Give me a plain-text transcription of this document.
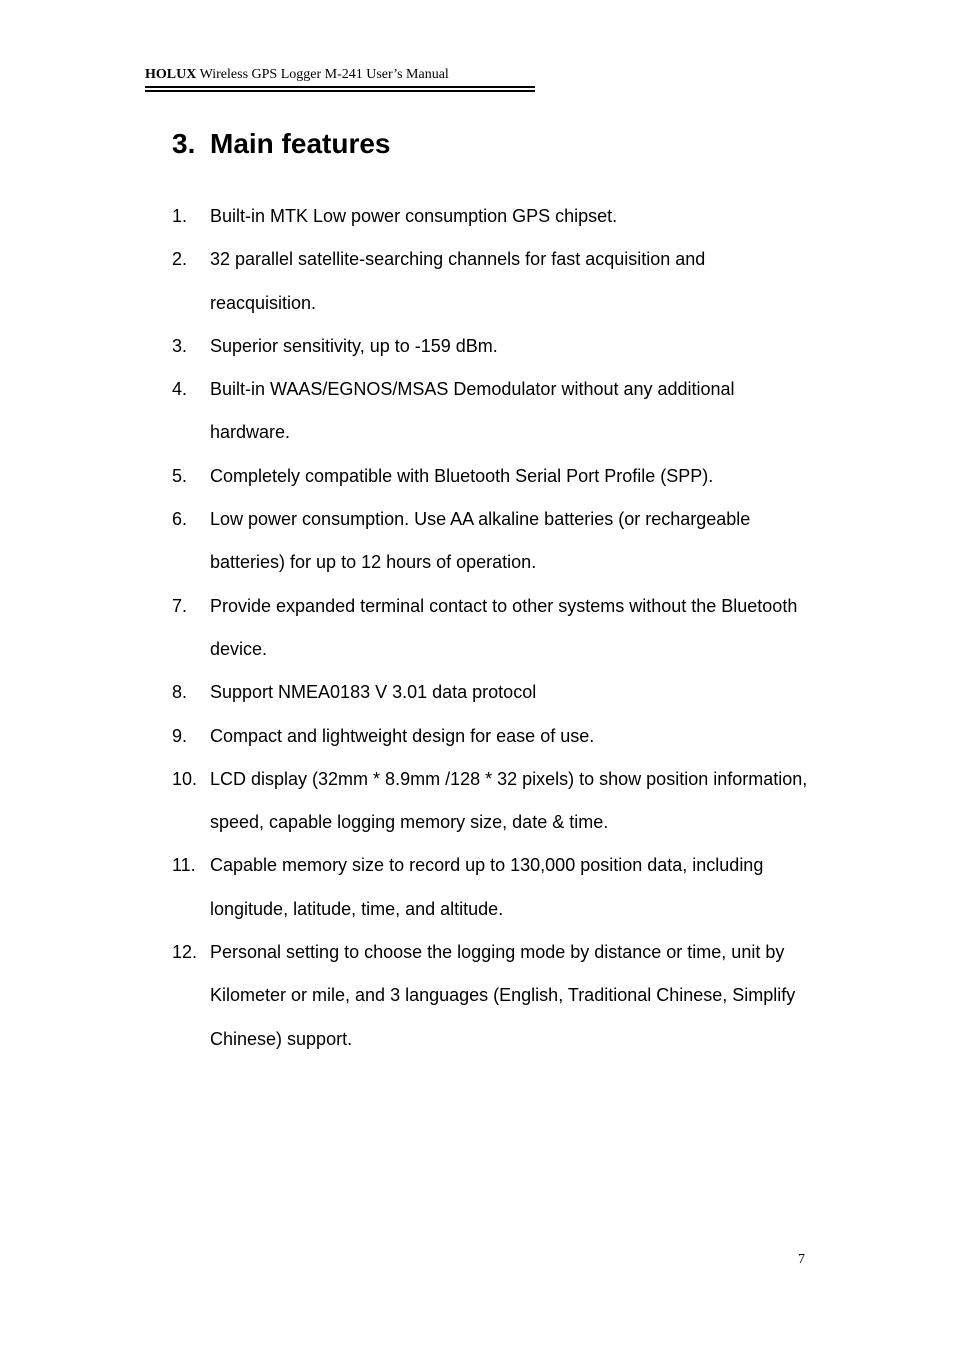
HOLUX Wireless GPS Logger M-241 User’s Manual
3. Main features
1. Built-in MTK Low power consumption GPS chipset.
2. 32 parallel satellite-searching channels for fast acquisition and reacquisition.
3. Superior sensitivity, up to -159 dBm.
4. Built-in WAAS/EGNOS/MSAS Demodulator without any additional hardware.
5. Completely compatible with Bluetooth Serial Port Profile (SPP).
6. Low power consumption. Use AA alkaline batteries (or rechargeable batteries) for up to 12 hours of operation.
7. Provide expanded terminal contact to other systems without the Bluetooth device.
8. Support NMEA0183 V 3.01 data protocol
9. Compact and lightweight design for ease of use.
10. LCD display (32mm * 8.9mm /128 * 32 pixels) to show position information, speed, capable logging memory size, date & time.
11. Capable memory size to record up to 130,000 position data, including longitude, latitude, time, and altitude.
12. Personal setting to choose the logging mode by distance or time, unit by Kilometer or mile, and 3 languages (English, Traditional Chinese, Simplify Chinese) support.
7
